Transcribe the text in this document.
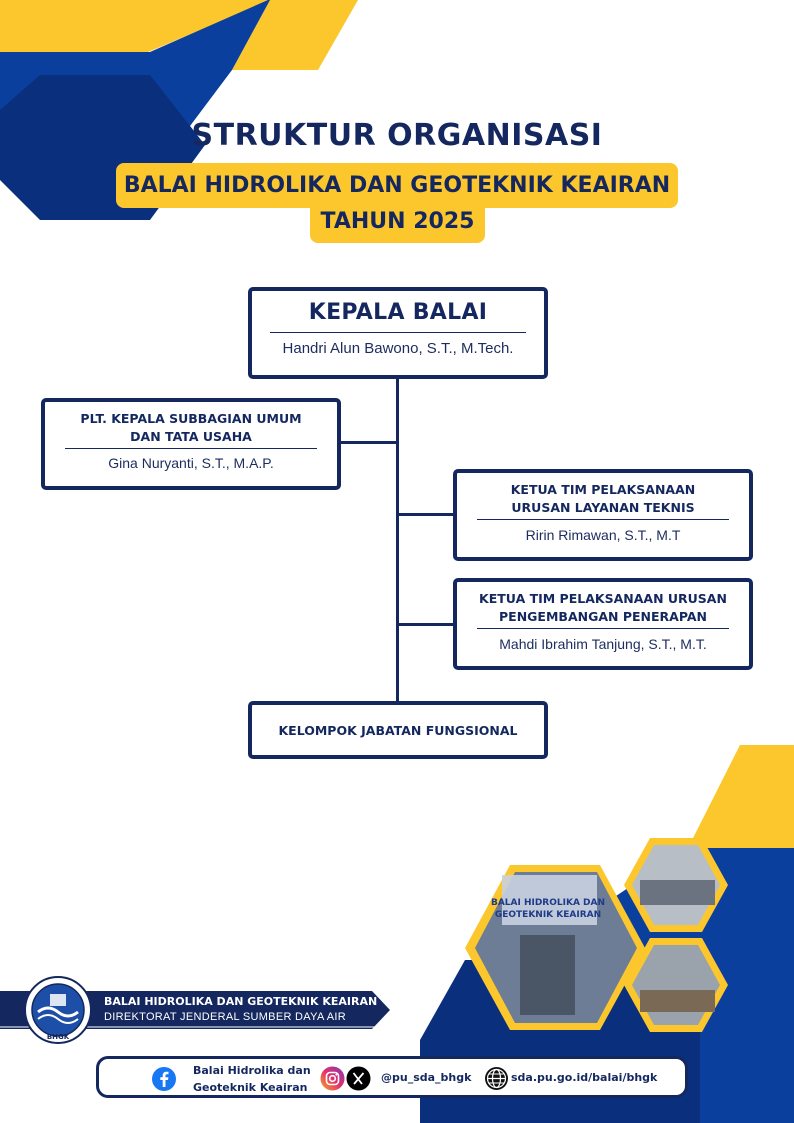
BALAI HIDROLIKA DAN
GEOTEKNIK KEAIRAN
STRUKTUR ORGANISASI
TAHUN 2025
BALAI HIDROLIKA DAN GEOTEKNIK KEAIRAN
KEPALA BALAI
Handri Alun Bawono, S.T., M.Tech.
PLT. KEPALA SUBBAGIAN UMUM
DAN TATA USAHA
Gina Nuryanti, S.T., M.A.P.
KETUA TIM PELAKSANAAN
URUSAN LAYANAN TEKNIS
Ririn Rimawan, S.T., M.T
KETUA TIM PELAKSANAAN URUSAN
PENGEMBANGAN PENERAPAN
Mahdi Ibrahim Tanjung, S.T., M.T.
KELOMPOK JABATAN FUNGSIONAL
BALAI HIDROLIKA DAN GEOTEKNIK KEAIRAN
DIREKTORAT JENDERAL SUMBER DAYA AIR
BHGK
Balai Hidrolika dan
Geoteknik Keairan
@pu_sda_bhgk	sda.pu.go.id/balai/bhgk
